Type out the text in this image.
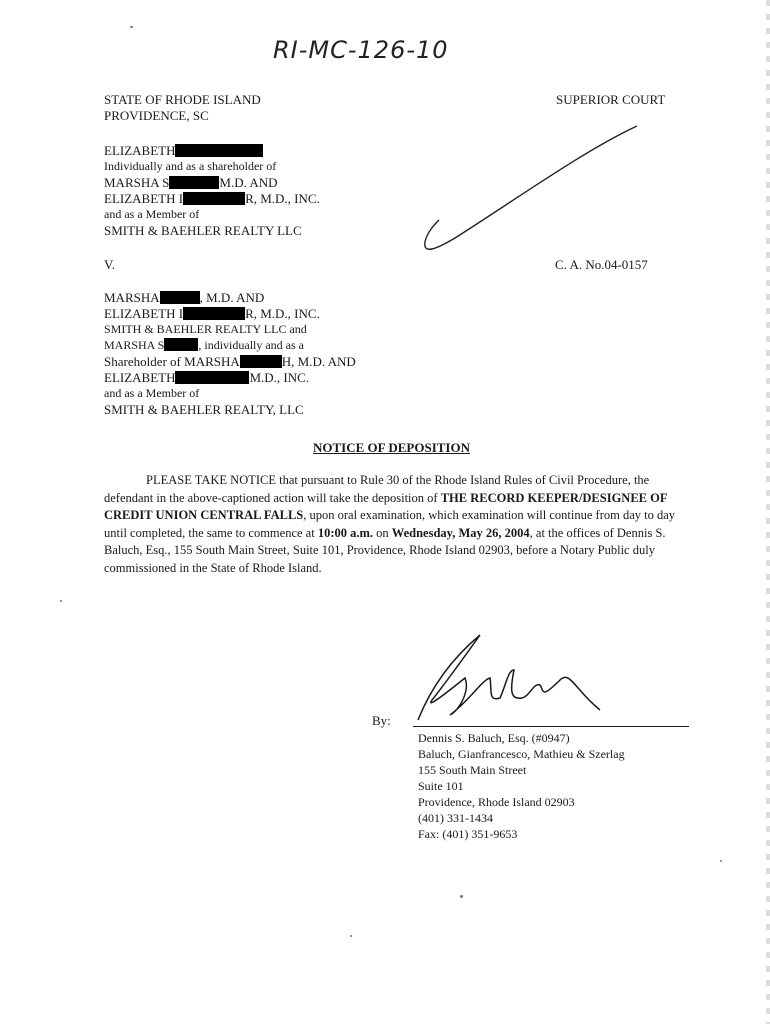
RI-MC-126-10
STATE OF RHODE ISLAND
PROVIDENCE, SC
SUPERIOR COURT
ELIZABETH
Individually and as a shareholder of
MARSHA S	M.D. AND
ELIZABETH I	R, M.D., INC.
and as a Member of
SMITH & BAEHLER REALTY LLC
V.	C. A. No.04-0157
MARSHA	, M.D. AND
ELIZABETH I	R, M.D., INC.
SMITH & BAEHLER REALTY LLC and
MARSHA S	, individually and as a
Shareholder of MARSHA	H, M.D. AND
ELIZABETH	M.D., INC.
and as a Member of
SMITH & BAEHLER REALTY, LLC
NOTICE OF DEPOSITION
PLEASE TAKE NOTICE that pursuant to Rule 30 of the Rhode Island Rules of Civil Procedure, the defendant in the above-captioned action will take the deposition of THE RECORD KEEPER/DESIGNEE OF CREDIT UNION CENTRAL FALLS, upon oral examination, which examination will continue from day to day until completed, the same to commence at 10:00 a.m. on Wednesday, May 26, 2004, at the offices of Dennis S. Baluch, Esq., 155 South Main Street, Suite 101, Providence, Rhode Island 02903, before a Notary Public duly commissioned in the State of Rhode Island.
By:
Dennis S. Baluch, Esq. (#0947)
Baluch, Gianfrancesco, Mathieu & Szerlag
155 South Main Street
Suite 101
Providence, Rhode Island 02903
(401) 331-1434
Fax: (401) 351-9653
